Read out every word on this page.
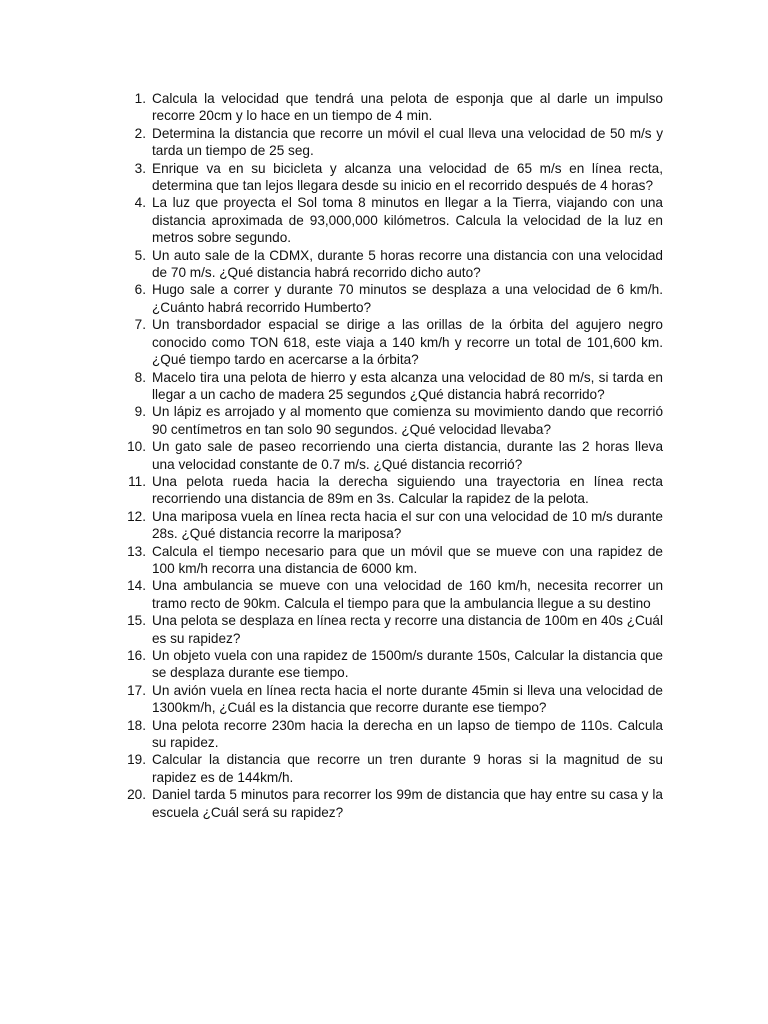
1. Calcula la velocidad que tendrá una pelota de esponja que al darle un impulso recorre 20cm y lo hace en un tiempo de 4 min.
2. Determina la distancia que recorre un móvil el cual lleva una velocidad de 50 m/s y tarda un tiempo de 25 seg.
3. Enrique va en su bicicleta y alcanza una velocidad de 65 m/s en línea recta, determina que tan lejos llegara desde su inicio en el recorrido después de 4 horas?
4. La luz que proyecta el Sol toma 8 minutos en llegar a la Tierra, viajando con una distancia aproximada de 93,000,000 kilómetros. Calcula la velocidad de la luz en metros sobre segundo.
5. Un auto sale de la CDMX, durante 5 horas recorre una distancia con una velocidad de 70 m/s. ¿Qué distancia habrá recorrido dicho auto?
6. Hugo sale a correr y durante 70 minutos se desplaza a una velocidad de 6 km/h. ¿Cuánto habrá recorrido Humberto?
7. Un transbordador espacial se dirige a las orillas de la órbita del agujero negro conocido como TON 618, este viaja a 140 km/h y recorre un total de 101,600 km. ¿Qué tiempo tardo en acercarse a la órbita?
8. Macelo tira una pelota de hierro y esta alcanza una velocidad de 80 m/s, si tarda en llegar a un cacho de madera 25 segundos ¿Qué distancia habrá recorrido?
9. Un lápiz es arrojado y al momento que comienza su movimiento dando que recorrió 90 centímetros en tan solo 90 segundos. ¿Qué velocidad llevaba?
10. Un gato sale de paseo recorriendo una cierta distancia, durante las 2 horas lleva una velocidad constante de 0.7 m/s. ¿Qué distancia recorrió?
11. Una pelota rueda hacia la derecha siguiendo una trayectoria en línea recta recorriendo una distancia de 89m en 3s. Calcular la rapidez de la pelota.
12. Una mariposa vuela en línea recta hacia el sur con una velocidad de 10 m/s durante 28s. ¿Qué distancia recorre la mariposa?
13. Calcula el tiempo necesario para que un móvil que se mueve con una rapidez de 100 km/h recorra una distancia de 6000 km.
14. Una ambulancia se mueve con una velocidad de 160 km/h, necesita recorrer un tramo recto de 90km. Calcula el tiempo para que la ambulancia llegue a su destino
15. Una pelota se desplaza en línea recta y recorre una distancia de 100m en 40s ¿Cuál es su rapidez?
16. Un objeto vuela con una rapidez de 1500m/s durante 150s, Calcular la distancia que se desplaza durante ese tiempo.
17. Un avión vuela en línea recta hacia el norte durante 45min si lleva una velocidad de 1300km/h, ¿Cuál es la distancia que recorre durante ese tiempo?
18. Una pelota recorre 230m hacia la derecha en un lapso de tiempo de 110s. Calcula su rapidez.
19. Calcular la distancia que recorre un tren durante 9 horas si la magnitud de su rapidez es de 144km/h.
20. Daniel tarda 5 minutos para recorrer los 99m de distancia que hay entre su casa y la escuela ¿Cuál será su rapidez?
